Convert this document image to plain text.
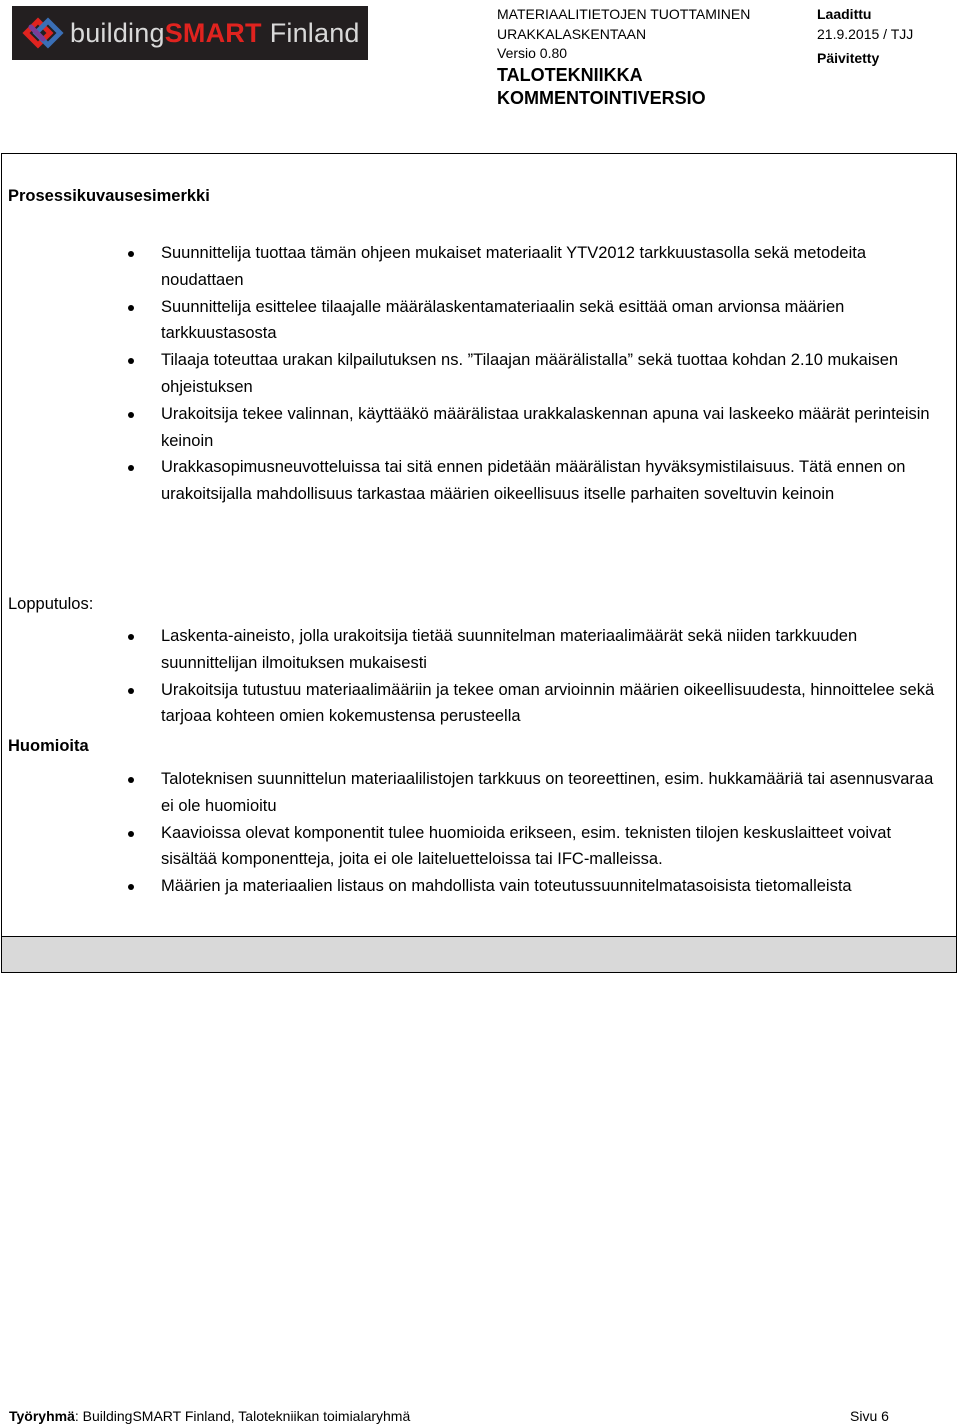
buildingSMART Finland
MATERIAALITIETOJEN TUOTTAMINEN
URAKKALASKENTAAN
Versio 0.80
TALOTEKNIIKKA
KOMMENTOINTIVERSIO
Laadittu
21.9.2015 / TJJ
Päivitetty
Prosessikuvausesimerkki
Suunnittelija tuottaa tämän ohjeen mukaiset materiaalit YTV2012 tarkkuustasolla sekä metodeita noudattaen
Suunnittelija esittelee tilaajalle määrälaskentamateriaalin sekä esittää oman arvionsa määrien tarkkuustasosta
Tilaaja toteuttaa urakan kilpailutuksen ns. ”Tilaajan määrälistalla” sekä tuottaa kohdan 2.10 mukaisen ohjeistuksen
Urakoitsija tekee valinnan, käyttääkö määrälistaa urakkalaskennan apuna vai laskeeko määrät perinteisin keinoin
Urakkasopimusneuvotteluissa tai sitä ennen pidetään määrälistan hyväksymistilaisuus. Tätä ennen on urakoitsijalla mahdollisuus tarkastaa määrien oikeellisuus itselle parhaiten soveltuvin keinoin
Lopputulos:
Laskenta-aineisto, jolla urakoitsija tietää suunnitelman materiaalimäärät sekä niiden tarkkuuden suunnittelijan ilmoituksen mukaisesti
Urakoitsija tutustuu materiaalimääriin ja tekee oman arvioinnin määrien oikeellisuudesta, hinnoittelee sekä tarjoaa kohteen omien kokemustensa perusteella
Huomioita
Taloteknisen suunnittelun materiaalilistojen tarkkuus on teoreettinen, esim. hukkamääriä tai asennusvaraa ei ole huomioitu
Kaavioissa olevat komponentit tulee huomioida erikseen, esim. teknisten tilojen keskuslaitteet voivat sisältää komponentteja, joita ei ole laiteluetteloissa tai IFC-malleissa.
Määrien ja materiaalien listaus on mahdollista vain toteutussuunnitelmatasoisista tietomalleista
Työryhmä: BuildingSMART Finland, Talotekniikan toimialaryhmä	Sivu 6
